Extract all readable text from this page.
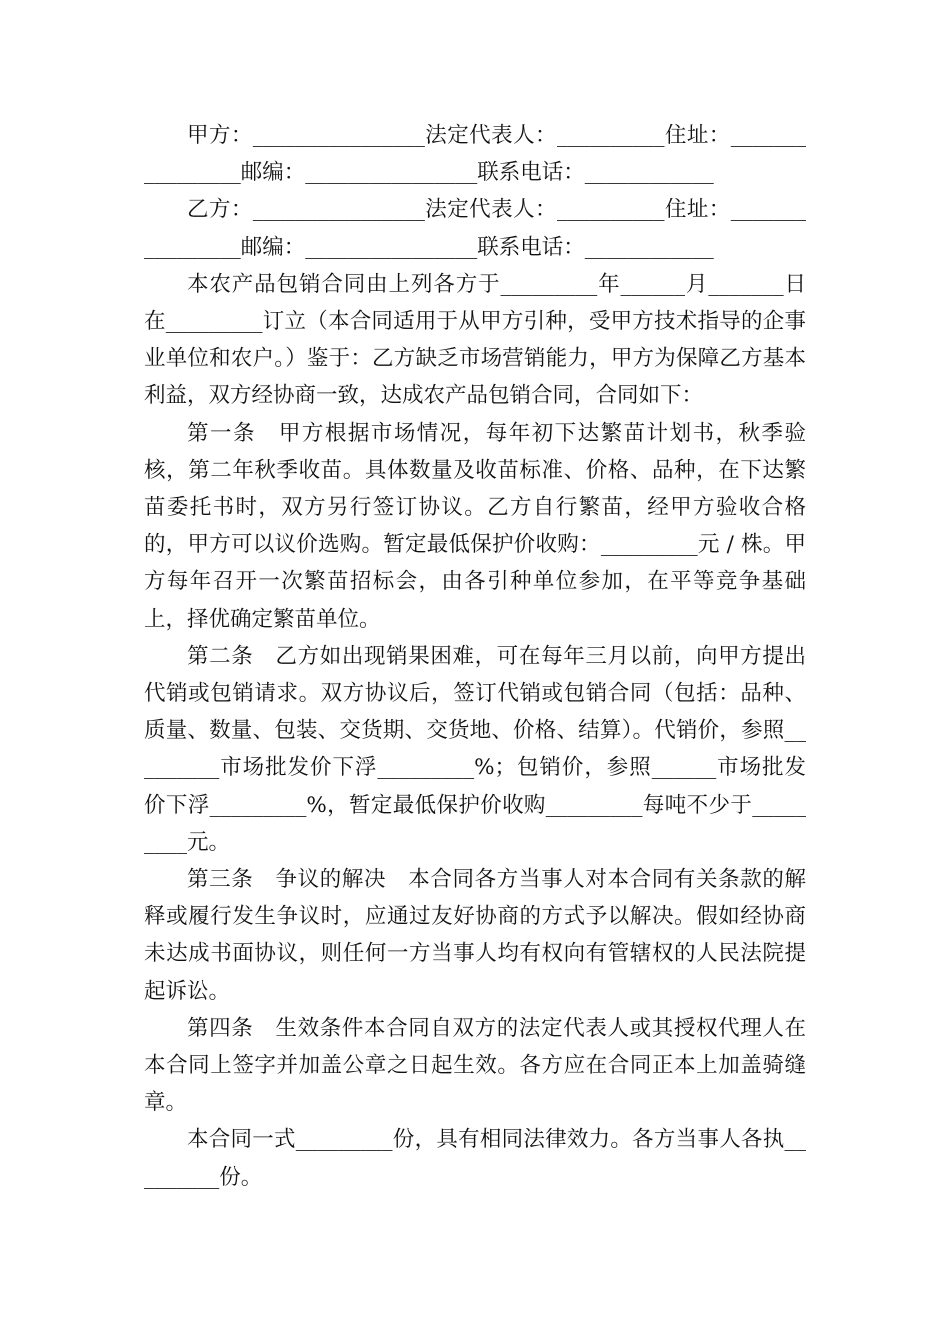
甲方：________________法定代表人：__________住址：________________邮编：________________联系电话：____________

乙方：________________法定代表人：__________住址：________________邮编：________________联系电话：____________

本农产品包销合同由上列各方于_________年______月_______日在_________订立（本合同适用于从甲方引种，受甲方技术指导的企事业单位和农户。）鉴于：乙方缺乏市场营销能力，甲方为保障乙方基本利益，双方经协商一致，达成农产品包销合同，合同如下：

第一条　甲方根据市场情况，每年初下达繁苗计划书，秋季验核，第二年秋季收苗。具体数量及收苗标准、价格、品种，在下达繁苗委托书时，双方另行签订协议。乙方自行繁苗，经甲方验收合格的，甲方可以议价选购。暂定最低保护价收购：_________元 / 株。甲方每年召开一次繁苗招标会，由各引种单位参加，在平等竞争基础上，择优确定繁苗单位。

第二条　乙方如出现销果困难，可在每年三月以前，向甲方提出代销或包销请求。双方协议后，签订代销或包销合同（包括：品种、质量、数量、包装、交货期、交货地、价格、结算）。代销价，参照_________市场批发价下浮_________%；包销价，参照______市场批发价下浮_________%，暂定最低保护价收购_________每吨不少于_________元。

第三条　争议的解决　本合同各方当事人对本合同有关条款的解释或履行发生争议时，应通过友好协商的方式予以解决。假如经协商未达成书面协议，则任何一方当事人均有权向有管辖权的人民法院提起诉讼。

第四条　生效条件本合同自双方的法定代表人或其授权代理人在本合同上签字并加盖公章之日起生效。各方应在合同正本上加盖骑缝章。

本合同一式_________份，具有相同法律效力。各方当事人各执_________份。
